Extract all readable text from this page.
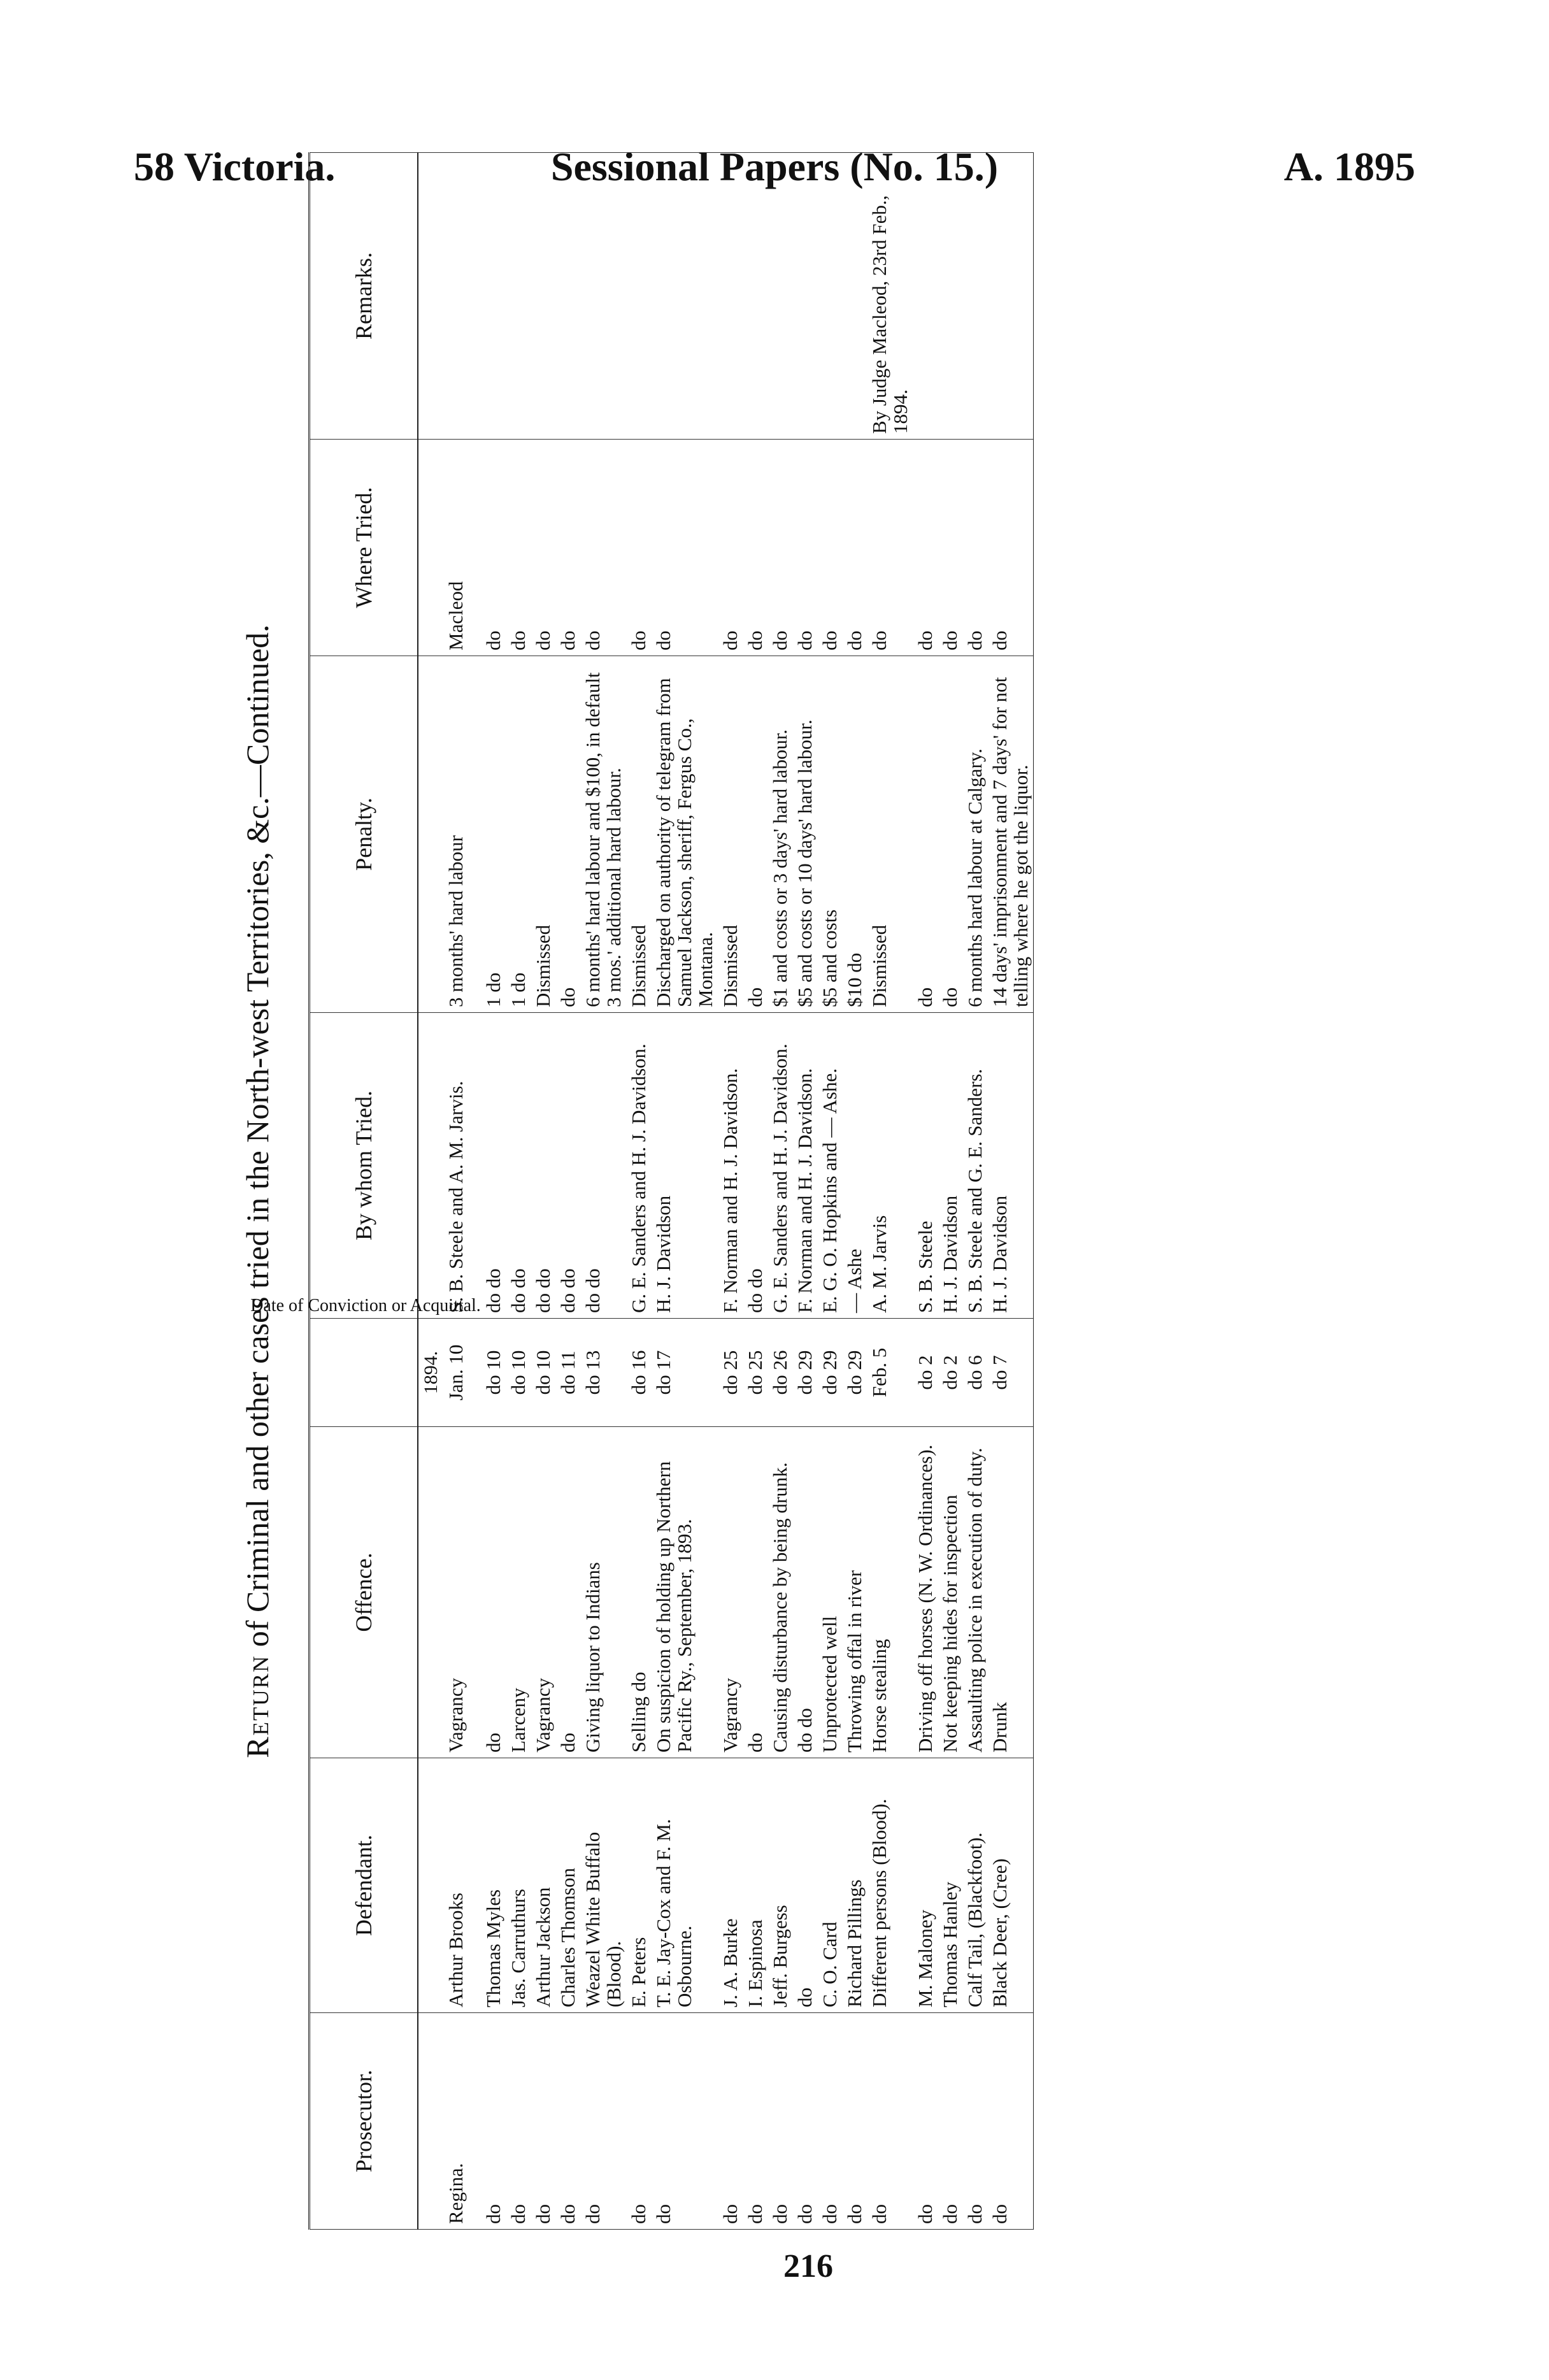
58 Victoria.	Sessional Papers (No. 15.)	A. 1895
Return of Criminal and other cases tried in the North-west Territories, &c.—Continued.
Prosecutor.	Defendant.	Offence.	Date of Conviction or Acquittal.	By whom Tried.	Penalty.	Where Tried.	Remarks.
			1894.				
Regina.	Arthur Brooks	Vagrancy	Jan. 10	S. B. Steele and A. M. Jarvis.	3 months' hard labour	Macleod	

do	Thomas Myles	do	do 10	do do	1 do	do	
do	Jas. Carruthurs	Larceny	do 10	do do	1 do	do	
do	Arthur Jackson	Vagrancy	do 10	do do	Dismissed	do	
do	Charles Thomson	do	do 11	do do	do	do	
do	Weazel White Buffalo (Blood).	Giving liquor to Indians	do 13	do do	6 months' hard labour and $100, in default 3 mos.' additional hard labour.	do	
do	E. Peters	Selling do	do 16	G. E. Sanders and H. J. Davidson.	Dismissed	do	
do	T. E. Jay-Cox and F. M. Osbourne.	On suspicion of holding up Northern Pacific Ry., September, 1893.	do 17	H. J. Davidson	Discharged on authority of telegram from Samuel Jackson, sheriff, Fergus Co., Montana.	do	
do	J. A. Burke	Vagrancy	do 25	F. Norman and H. J. Davidson.	Dismissed	do	
do	I. Espinosa	do	do 25	do do	do	do	
do	Jeff. Burgess	Causing disturbance by being drunk.	do 26	G. E. Sanders and H. J. Davidson.	$1 and costs or 3 days' hard labour.	do	
do	do	do do	do 29	F. Norman and H. J. Davidson.	$5 and costs or 10 days' hard labour.	do	
do	C. O. Card	Unprotected well	do 29	E. G. O. Hopkins and — Ashe.	$5 and costs	do	
do	Richard Pillings	Throwing offal in river	do 29	— Ashe	$10 do	do	
do	Different persons (Blood).	Horse stealing	Feb. 5	A. M. Jarvis	Dismissed	do	By Judge Macleod, 23rd Feb., 1894.
do	M. Maloney	Driving off horses (N. W. Ordinances).	do 2	S. B. Steele	do	do	
do	Thomas Hanley	Not keeping hides for inspection	do 2	H. J. Davidson	do	do	
do	Calf Tail, (Blackfoot).	Assaulting police in execution of duty.	do 6	S. B. Steele and G. E. Sanders.	6 months hard labour at Calgary.	do	
do	Black Deer, (Cree)	Drunk	do 7	H. J. Davidson	14 days' imprisonment and 7 days' for not telling where he got the liquor.	do	
216
